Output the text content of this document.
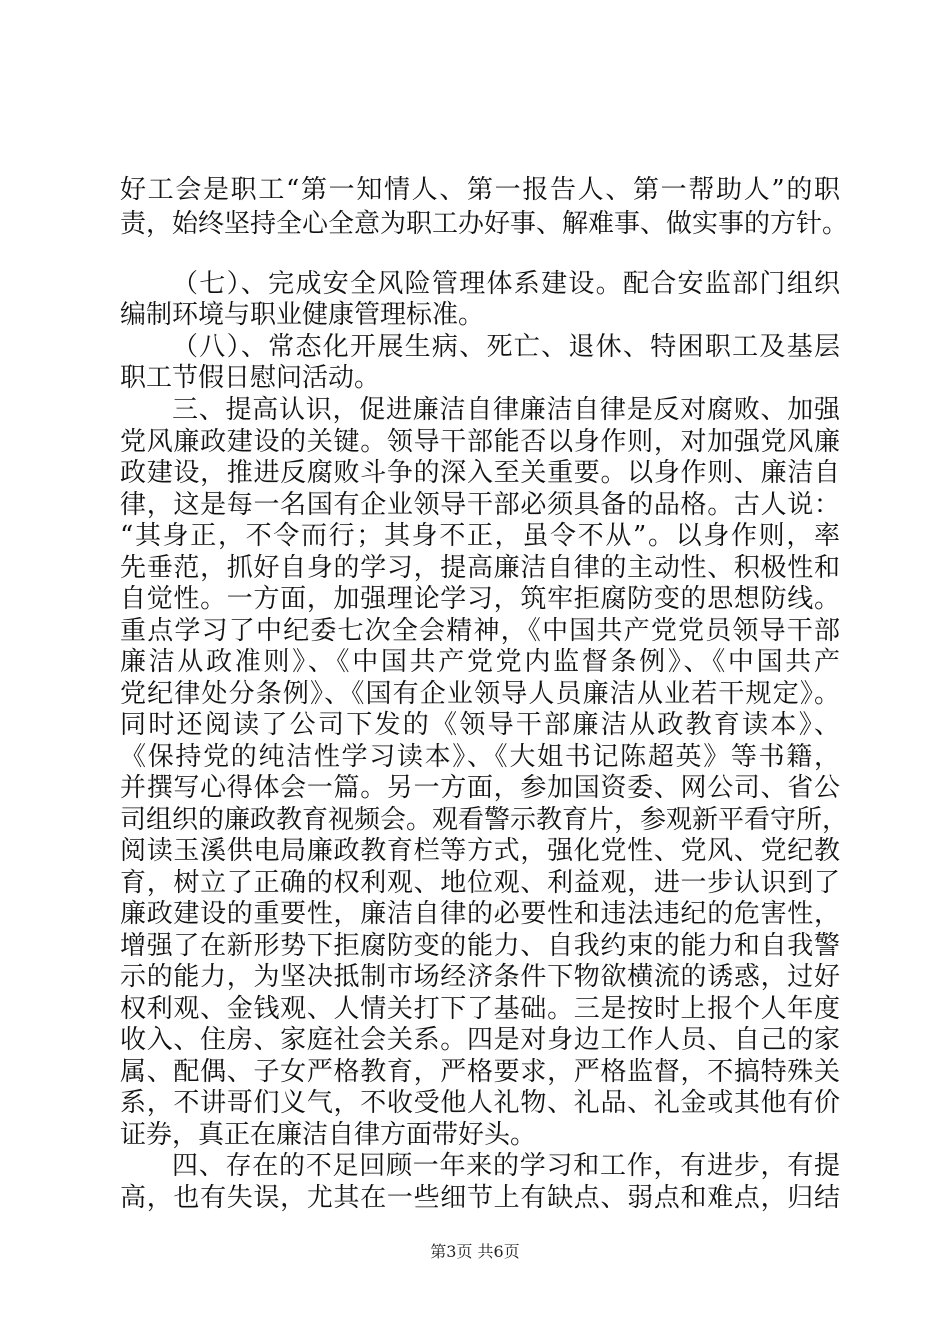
好工会是职工“第一知情人、第一报告人、第一帮助人”的职
责，始终坚持全心全意为职工办好事、解难事、做实事的方针。
（七）、完成安全风险管理体系建设。配合安监部门组织
编制环境与职业健康管理标准。
（八）、常态化开展生病、死亡、退休、特困职工及基层
职工节假日慰问活动。
三、提高认识，促进廉洁自律廉洁自律是反对腐败、加强
党风廉政建设的关键。领导干部能否以身作则，对加强党风廉
政建设，推进反腐败斗争的深入至关重要。以身作则、廉洁自
律，这是每一名国有企业领导干部必须具备的品格。古人说：
“其身正，不令而行；其身不正，虽令不从”。以身作则，率
先垂范，抓好自身的学习，提高廉洁自律的主动性、积极性和
自觉性。一方面，加强理论学习，筑牢拒腐防变的思想防线。
重点学习了中纪委七次全会精神，《中国共产党党员领导干部
廉洁从政准则》、《中国共产党党内监督条例》、《中国共产
党纪律处分条例》、《国有企业领导人员廉洁从业若干规定》。
同时还阅读了公司下发的《领导干部廉洁从政教育读本》、
《保持党的纯洁性学习读本》、《大姐书记陈超英》等书籍，
并撰写心得体会一篇。另一方面，参加国资委、网公司、省公
司组织的廉政教育视频会。观看警示教育片，参观新平看守所，
阅读玉溪供电局廉政教育栏等方式，强化党性、党风、党纪教
育，树立了正确的权利观、地位观、利益观，进一步认识到了
廉政建设的重要性，廉洁自律的必要性和违法违纪的危害性，
增强了在新形势下拒腐防变的能力、自我约束的能力和自我警
示的能力，为坚决抵制市场经济条件下物欲横流的诱惑，过好
权利观、金钱观、人情关打下了基础。三是按时上报个人年度
收入、住房、家庭社会关系。四是对身边工作人员、自己的家
属、配偶、子女严格教育，严格要求，严格监督，不搞特殊关
系，不讲哥们义气，不收受他人礼物、礼品、礼金或其他有价
证券，真正在廉洁自律方面带好头。
四、存在的不足回顾一年来的学习和工作，有进步，有提
高，也有失误，尤其在一些细节上有缺点、弱点和难点，归结
第3页 共6页
